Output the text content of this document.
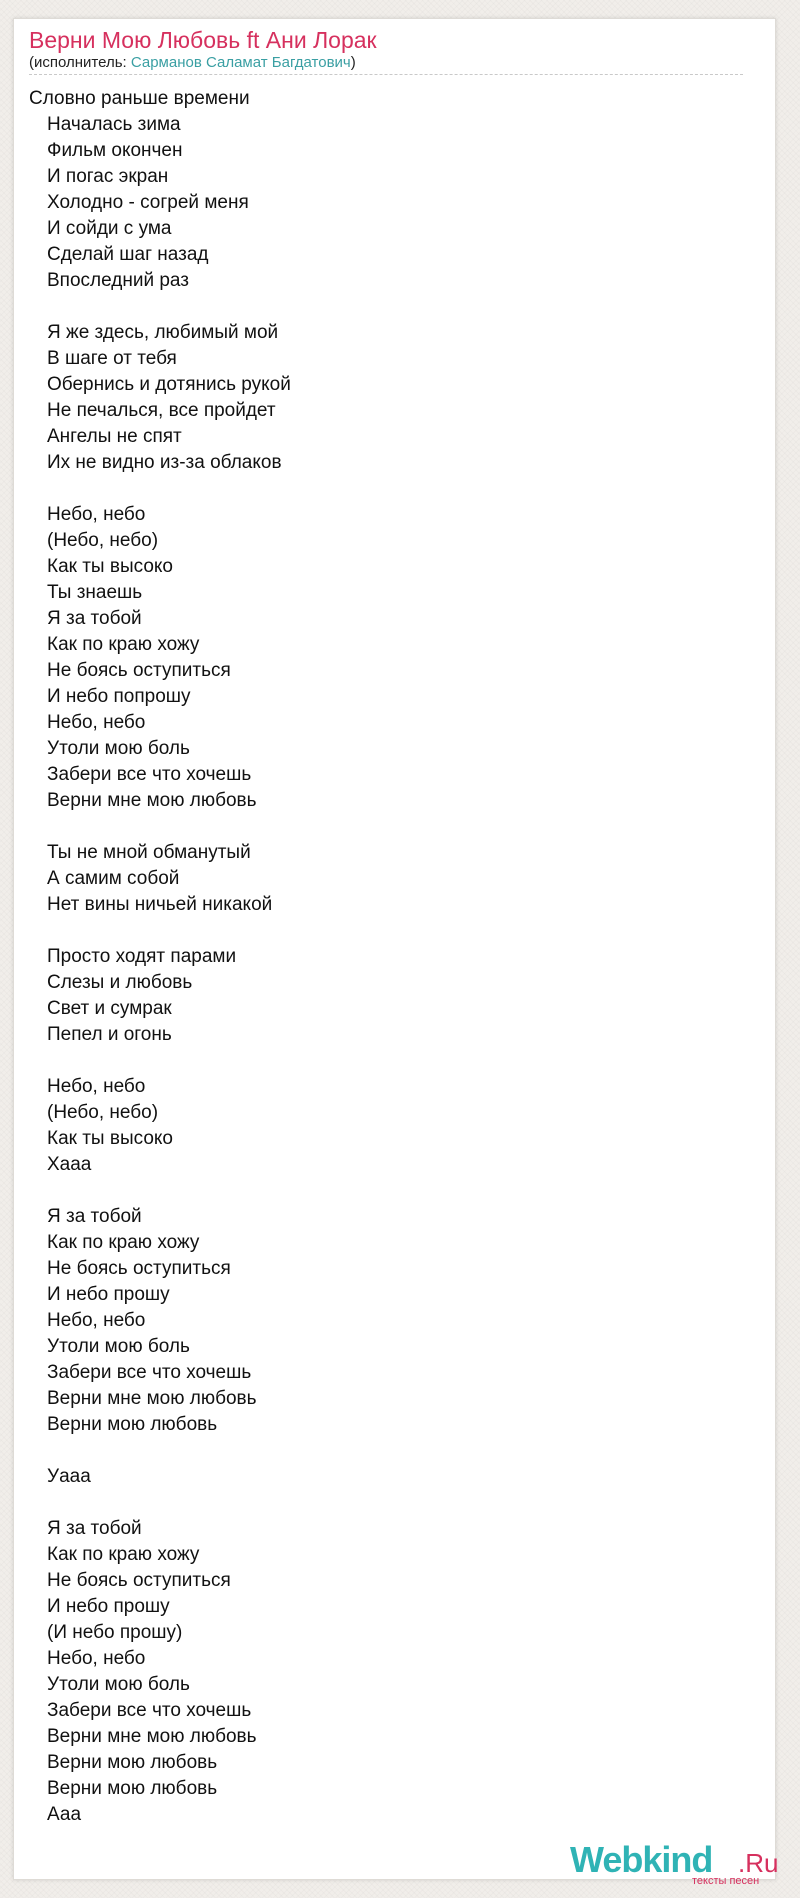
Верни Мою Любовь ft Ани Лорак
(исполнитель: Сарманов Саламат Багдатович)
Словно раньше времени
Началась зима
Фильм окончен
И погас экран
Холодно - согрей меня
И сойди с ума
Сделай шаг назад
Впоследний раз
Я же здесь, любимый мой
В шаге от тебя
Обернись и дотянись рукой
Не печалься, все пройдет
Ангелы не спят
Их не видно из-за облаков
Небо, небо
(Небо, небо)
Как ты высоко
Ты знаешь
Я за тобой
Как по краю хожу
Не боясь оступиться
И небо попрошу
Небо, небо
Утоли мою боль
Забери все что хочешь
Верни мне мою любовь
Ты не мной обманутый
А самим собой
Нет вины ничьей никакой
Просто ходят парами
Слезы и любовь
Свет и сумрак
Пепел и огонь
Небо, небо
(Небо, небо)
Как ты высоко
Хааа
Я за тобой
Как по краю хожу
Не боясь оступиться
И небо прошу
Небо, небо
Утоли мою боль
Забери все что хочешь
Верни мне мою любовь
Верни мою любовь
Уааа
Я за тобой
Как по краю хожу
Не боясь оступиться
И небо прошу
(И небо прошу)
Небо, небо
Утоли мою боль
Забери все что хочешь
Верни мне мою любовь
Верни мою любовь
Верни мою любовь
Ааа
Webkind .Ru
тексты песен
